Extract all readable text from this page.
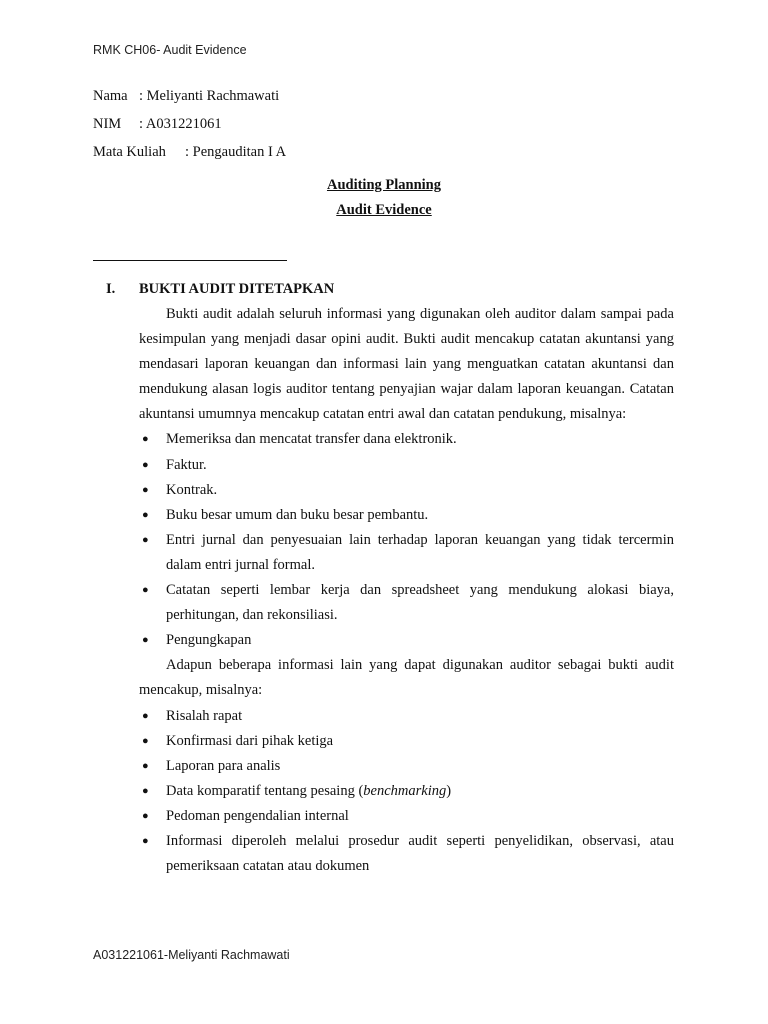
RMK CH06- Audit Evidence
Nama : Meliyanti Rachmawati
NIM : A031221061
Mata Kuliah : Pengauditan I A
Auditing Planning
Audit Evidence
I. BUKTI AUDIT DITETAPKAN

Bukti audit adalah seluruh informasi yang digunakan oleh auditor dalam sampai pada kesimpulan yang menjadi dasar opini audit. Bukti audit mencakup catatan akuntansi yang mendasari laporan keuangan dan informasi lain yang menguatkan catatan akuntansi dan mendukung alasan logis auditor tentang penyajian wajar dalam laporan keuangan. Catatan akuntansi umumnya mencakup catatan entri awal dan catatan pendukung, misalnya:

● Memeriksa dan mencatat transfer dana elektronik.
● Faktur.
● Kontrak.
● Buku besar umum dan buku besar pembantu.
● Entri jurnal dan penyesuaian lain terhadap laporan keuangan yang tidak tercermin dalam entri jurnal formal.
● Catatan seperti lembar kerja dan spreadsheet yang mendukung alokasi biaya, perhitungan, dan rekonsiliasi.
● Pengungkapan

Adapun beberapa informasi lain yang dapat digunakan auditor sebagai bukti audit mencakup, misalnya:

● Risalah rapat
● Konfirmasi dari pihak ketiga
● Laporan para analis
● Data komparatif tentang pesaing (benchmarking)
● Pedoman pengendalian internal
● Informasi diperoleh melalui prosedur audit seperti penyelidikan, observasi, atau pemeriksaan catatan atau dokumen
A031221061-Meliyanti Rachmawati
